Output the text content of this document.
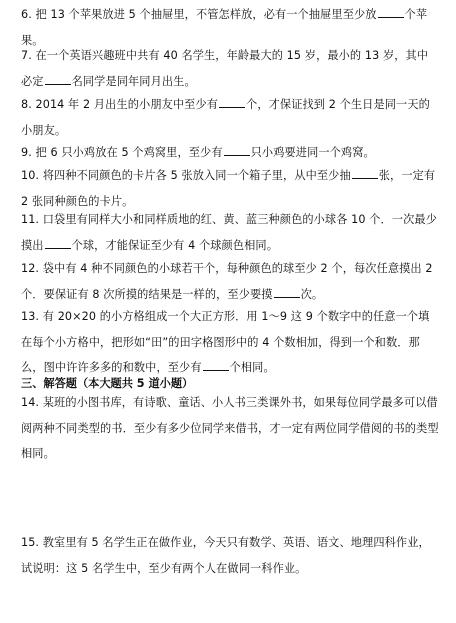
6. 把 13 个苹果放进 5 个抽屉里，不管怎样放，必有一个抽屉里至少放	个苹果。
7. 在一个英语兴趣班中共有 40 名学生，年龄最大的 15 岁，最小的 13 岁，其中必定	名同学是同年同月出生。
8. 2014 年 2 月出生的小朋友中至少有	个，才保证找到 2 个生日是同一天的小朋友。
9. 把 6 只小鸡放在 5 个鸡窝里，至少有	只小鸡要进同一个鸡窝。
10. 将四种不同颜色的卡片各 5 张放入同一个箱子里，从中至少抽	张，一定有 2 张同种颜色的卡片。
11. 口袋里有同样大小和同样质地的红、黄、蓝三种颜色的小球各 10 个．一次最少摸出	个球，才能保证至少有 4 个球颜色相同。
12. 袋中有 4 种不同颜色的小球若干个，每种颜色的球至少 2 个，每次任意摸出 2 个．要保证有 8 次所摸的结果是一样的，至少要摸	次。
13. 有 20×20 的小方格组成一个大正方形．用 1～9 这 9 个数字中的任意一个填在每个小方格中，把形如“田”的田字格图形中的 4 个数相加，得到一个和数．那么，图中许许多多的和数中，至少有	个相同。
三、解答题（本大题共 5 道小题）
14. 某班的小图书库，有诗歌、童话、小人书三类课外书，如果每位同学最多可以借阅两种不同类型的书．至少有多少位同学来借书，才一定有两位同学借阅的书的类型相同。
15. 教室里有 5 名学生正在做作业，今天只有数学、英语、语文、地理四科作业，试说明：这 5 名学生中，至少有两个人在做同一科作业。
